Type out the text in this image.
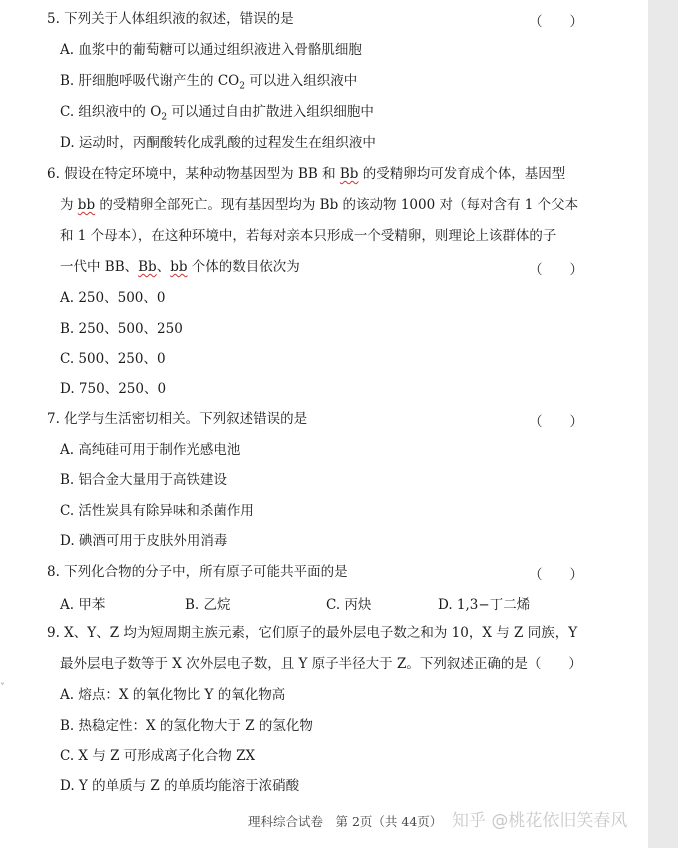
5. 下列关于人体组织液的叙述，错误的是	（　　）
A. 血浆中的葡萄糖可以通过组织液进入骨骼肌细胞
B. 肝细胞呼吸代谢产生的 $CO_2$ 可以进入组织液中
C. 组织液中的 $O_2$ 可以通过自由扩散进入组织细胞中
D. 运动时，丙酮酸转化成乳酸的过程发生在组织液中
6. 假设在特定环境中，某种动物基因型为 BB 和 Bb 的受精卵均可发育成个体，基因型
为 bb 的受精卵全部死亡。现有基因型均为 Bb 的该动物 1000 对（每对含有 1 个父本
和 1 个母本），在这种环境中，若每对亲本只形成一个受精卵，则理论上该群体的子
一代中 BB、Bb、bb 个体的数目依次为	（　　）
A. 250、500、0
B. 250、500、250
C. 500、250、0
D. 750、250、0
7. 化学与生活密切相关。下列叙述错误的是	（　　）
A. 高纯硅可用于制作光感电池
B. 铝合金大量用于高铁建设
C. 活性炭具有除异味和杀菌作用
D. 碘酒可用于皮肤外用消毒
8. 下列化合物的分子中，所有原子可能共平面的是	（　　）
A. 甲苯	B. 乙烷	C. 丙炔	D. 1,3−丁二烯
9. X、Y、Z 均为短周期主族元素，它们原子的最外层电子数之和为 10，X 与 Z 同族，Y
最外层电子数等于 X 次外层电子数，且 Y 原子半径大于 Z。下列叙述正确的是（　　）
A. 熔点：X 的氧化物比 Y 的氧化物高
B. 热稳定性：X 的氢化物大于 Z 的氢化物
C. X 与 Z 可形成离子化合物 ZX
D. Y 的单质与 Z 的单质均能溶于浓硝酸
ˇ
理科综合试卷　第 2页（共 44页） 知乎 @桃花依旧笑春风
